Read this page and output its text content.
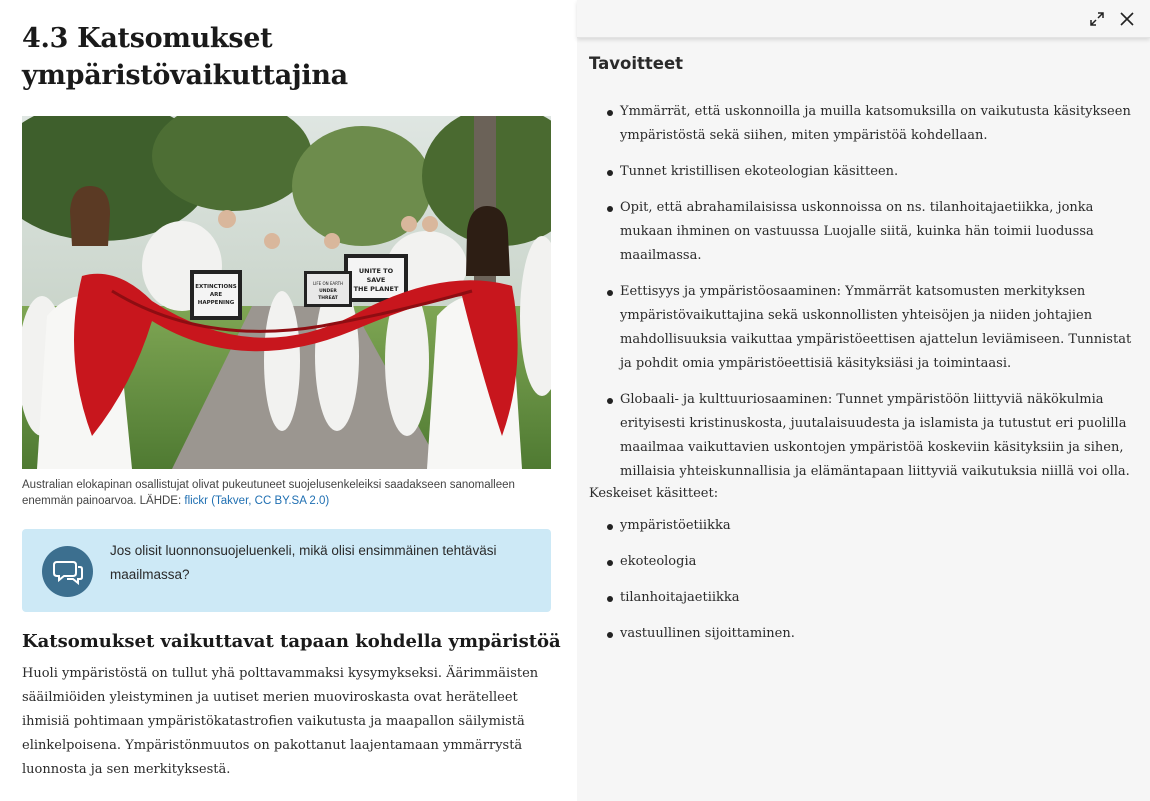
4.3 Katsomukset ympäristövaikuttajina
EXTINCTIONS
ARE
HAPPENING
UNITE TO
SAVE
THE PLANET
LIFE ON EARTH
UNDER
THREAT

Australian elokapinan osallistujat olivat pukeutuneet suojelusenkeleiksi saadakseen sanomalleen enemmän painoarvoa. LÄHDE: flickr (Takver, CC BY.SA 2.0)

Jos olisit luonnonsuojeluenkeli, mikä olisi ensimmäinen tehtäväsi maailmassa?

Katsomukset vaikuttavat tapaan kohdella ympäristöä

Huoli ympäristöstä on tullut yhä polttavammaksi kysymykseksi. Äärimmäisten sääilmiöiden yleistyminen ja uutiset merien muoviroskasta ovat herätelleet ihmisiä pohtimaan ympäristökatastrofien vaikutusta ja maapallon säilymistä elinkelpoisena. Ympäristönmuutos on pakottanut laajentamaan ymmärrystä luonnosta ja sen merkityksestä.

Tavoitteet
Ymmärrät, että uskonnoilla ja muilla katsomuksilla on vaikutusta käsitykseen ympäristöstä sekä siihen, miten ympäristöä kohdellaan.
Tunnet kristillisen ekoteologian käsitteen.
Opit, että abrahamilaisissa uskonnoissa on ns. tilanhoitajaetiikka, jonka mukaan ihminen on vastuussa Luojalle siitä, kuinka hän toimii luodussa maailmassa.
Eettisyys ja ympäristöosaaminen: Ymmärrät katsomusten merkityksen ympäristövaikuttajina sekä uskonnollisten yhteisöjen ja niiden johtajien mahdollisuuksia vaikuttaa ympäristöeettisen ajattelun leviämiseen. Tunnistat ja pohdit omia ympäristöeettisiä käsityksiäsi ja toimintaasi.
Globaali- ja kulttuuriosaaminen: Tunnet ympäristöön liittyviä näkökulmia erityisesti kristinuskosta, juutalaisuudesta ja islamista ja tutustut eri puolilla maailmaa vaikuttavien uskontojen ympäristöä koskeviin käsityksiin ja sihen, millaisia yhteiskunnallisia ja elämäntapaan liittyviä vaikutuksia niillä voi olla.

Keskeiset käsitteet:

ympäristöetiikka
ekoteologia
tilanhoitajaetiikka
vastuullinen sijoittaminen.
